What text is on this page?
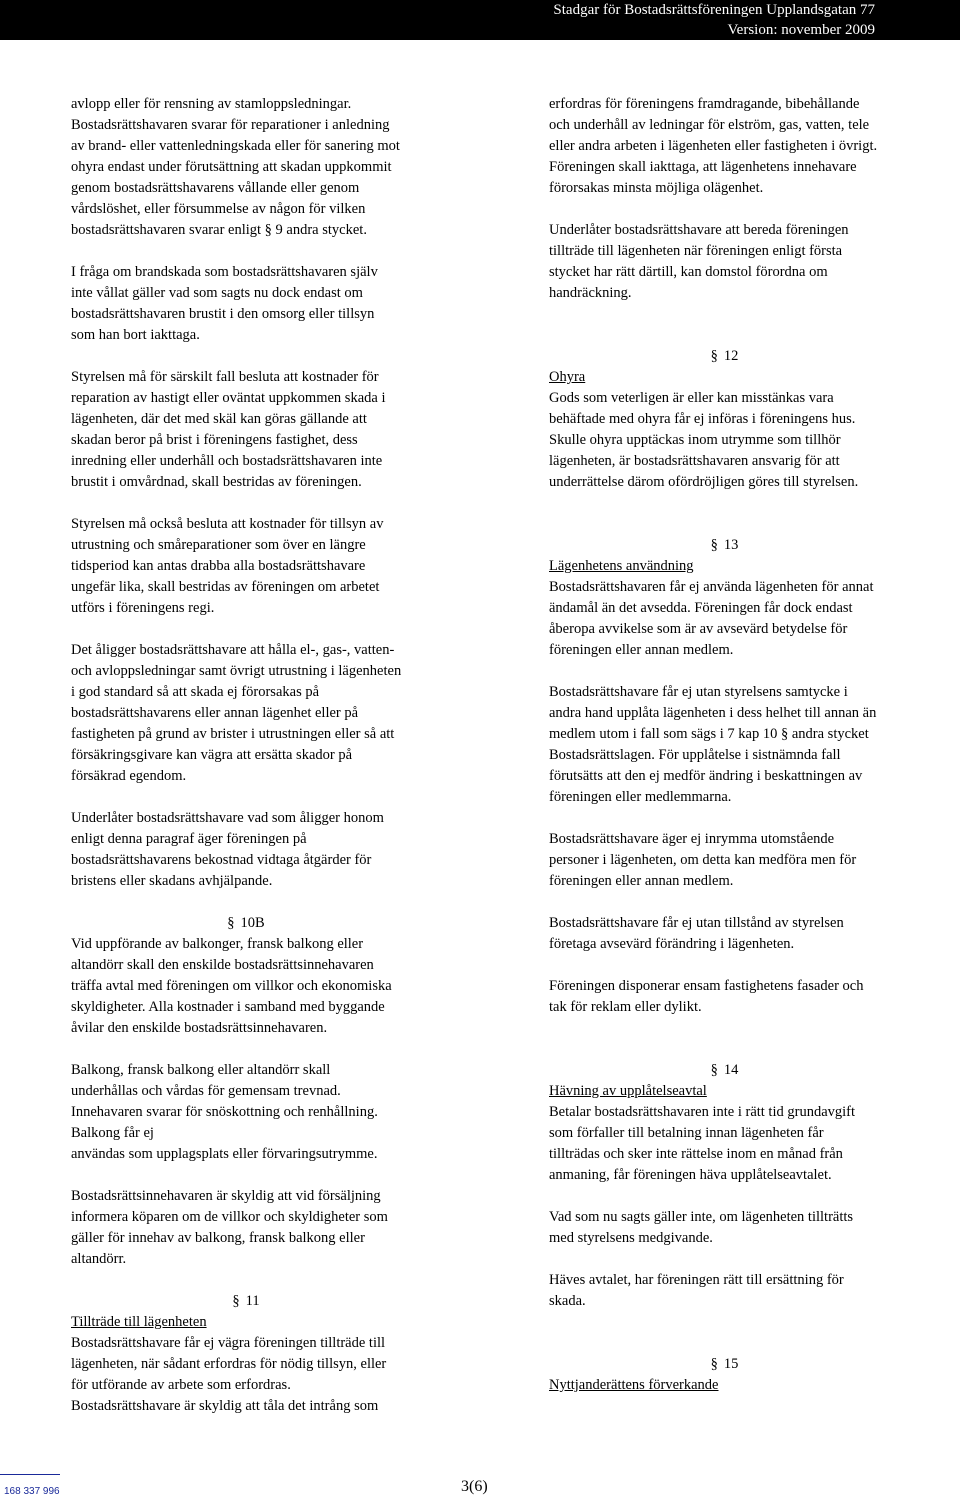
Stadgar för Bostadsrättsföreningen Upplandsgatan 77
Version: november 2009

avlopp eller för rensning av stamloppsledningar.
Bostadsrättshavaren svarar för reparationer i anledning
av brand- eller vattenledningskada eller för sanering mot
ohyra endast under förutsättning att skadan uppkommit
genom bostadsrättshavarens vållande eller genom
vårdslöshet, eller försummelse av någon för vilken
bostadsrättshavaren svarar enligt § 9 andra stycket.

I fråga om brandskada som bostadsrättshavaren själv
inte vållat gäller vad som sagts nu dock endast om
bostadsrättshavaren brustit i den omsorg eller tillsyn
som han bort iakttaga.

Styrelsen må för särskilt fall besluta att kostnader för
reparation av hastigt eller oväntat uppkommen skada i
lägenheten, där det med skäl kan göras gällande att
skadan beror på brist i föreningens fastighet, dess
inredning eller underhåll och bostadsrättshavaren inte
brustit i omvårdnad, skall bestridas av föreningen.

Styrelsen må också besluta att kostnader för tillsyn av
utrustning och småreparationer som över en längre
tidsperiod kan antas drabba alla bostadsrättshavare
ungefär lika, skall bestridas av föreningen om arbetet
utförs i föreningens regi.

Det åligger bostadsrättshavare att hålla el-, gas-, vatten-
och avloppsledningar samt övrigt utrustning i lägenheten
i god standard så att skada ej förorsakas på
bostadsrättshavarens eller annan lägenhet eller på
fastigheten på grund av brister i utrustningen eller så att
försäkringsgivare kan vägra att ersätta skador på
försäkrad egendom.

Underlåter bostadsrättshavare vad som åligger honom
enligt denna paragraf äger föreningen på
bostadsrättshavarens bekostnad vidtaga åtgärder för
bristens eller skadans avhjälpande.

§ 10B

Vid uppförande av balkonger, fransk balkong eller
altandörr skall den enskilde bostadsrättsinnehavaren
träffa avtal med föreningen om villkor och ekonomiska
skyldigheter. Alla kostnader i samband med byggande
åvilar den enskilde bostadsrättsinnehavaren.

Balkong, fransk balkong eller altandörr skall
underhållas och vårdas för gemensam trevnad.
Innehavaren svarar för snöskottning och renhållning.
Balkong får ej
användas som upplagsplats eller förvaringsutrymme.

Bostadsrättsinnehavaren är skyldig att vid försäljning
informera köparen om de villkor och skyldigheter som
gäller för innehav av balkong, fransk balkong eller
altandörr.

§ 11

Tillträde till lägenheten

Bostadsrättshavare får ej vägra föreningen tillträde till
lägenheten, när sådant erfordras för nödig tillsyn, eller
för utförande av arbete som erfordras.
Bostadsrättshavare är skyldig att tåla det intrång som

erfordras för föreningens framdragande, bibehållande
och underhåll av ledningar för elström, gas, vatten, tele
eller andra arbeten i lägenheten eller fastigheten i övrigt.
Föreningen skall iakttaga, att lägenhetens innehavare
förorsakas minsta möjliga olägenhet.

Underlåter bostadsrättshavare att bereda föreningen
tillträde till lägenheten när föreningen enligt första
stycket har rätt därtill, kan domstol förordna om
handräckning.

§ 12

Ohyra

Gods som veterligen är eller kan misstänkas vara
behäftade med ohyra får ej införas i föreningens hus.
Skulle ohyra upptäckas inom utrymme som tillhör
lägenheten, är bostadsrättshavaren ansvarig för att
underrättelse därom ofördröjligen göres till styrelsen.

§ 13

Lägenhetens användning

Bostadsrättshavaren får ej använda lägenheten för annat
ändamål än det avsedda. Föreningen får dock endast
åberopa avvikelse som är av avsevärd betydelse för
föreningen eller annan medlem.

Bostadsrättshavare får ej utan styrelsens samtycke i
andra hand upplåta lägenheten i dess helhet till annan än
medlem utom i fall som sägs i 7 kap 10 § andra stycket
Bostadsrättslagen. För upplåtelse i sistnämnda fall
förutsätts att den ej medför ändring i beskattningen av
föreningen eller medlemmarna.

Bostadsrättshavare äger ej inrymma utomstående
personer i lägenheten, om detta kan medföra men för
föreningen eller annan medlem.

Bostadsrättshavare får ej utan tillstånd av styrelsen
företaga avsevärd förändring i lägenheten.

Föreningen disponerar ensam fastighetens fasader och
tak för reklam eller dylikt.

§ 14

Hävning av upplåtelseavtal

Betalar bostadsrättshavaren inte i rätt tid grundavgift
som förfaller till betalning innan lägenheten får
tillträdas och sker inte rättelse inom en månad från
anmaning, får föreningen häva upplåtelseavtalet.

Vad som nu sagts gäller inte, om lägenheten tillträtts
med styrelsens medgivande.

Häves avtalet, har föreningen rätt till ersättning för
skada.

§ 15

Nyttjanderättens förverkande

168 337 996	3(6)
